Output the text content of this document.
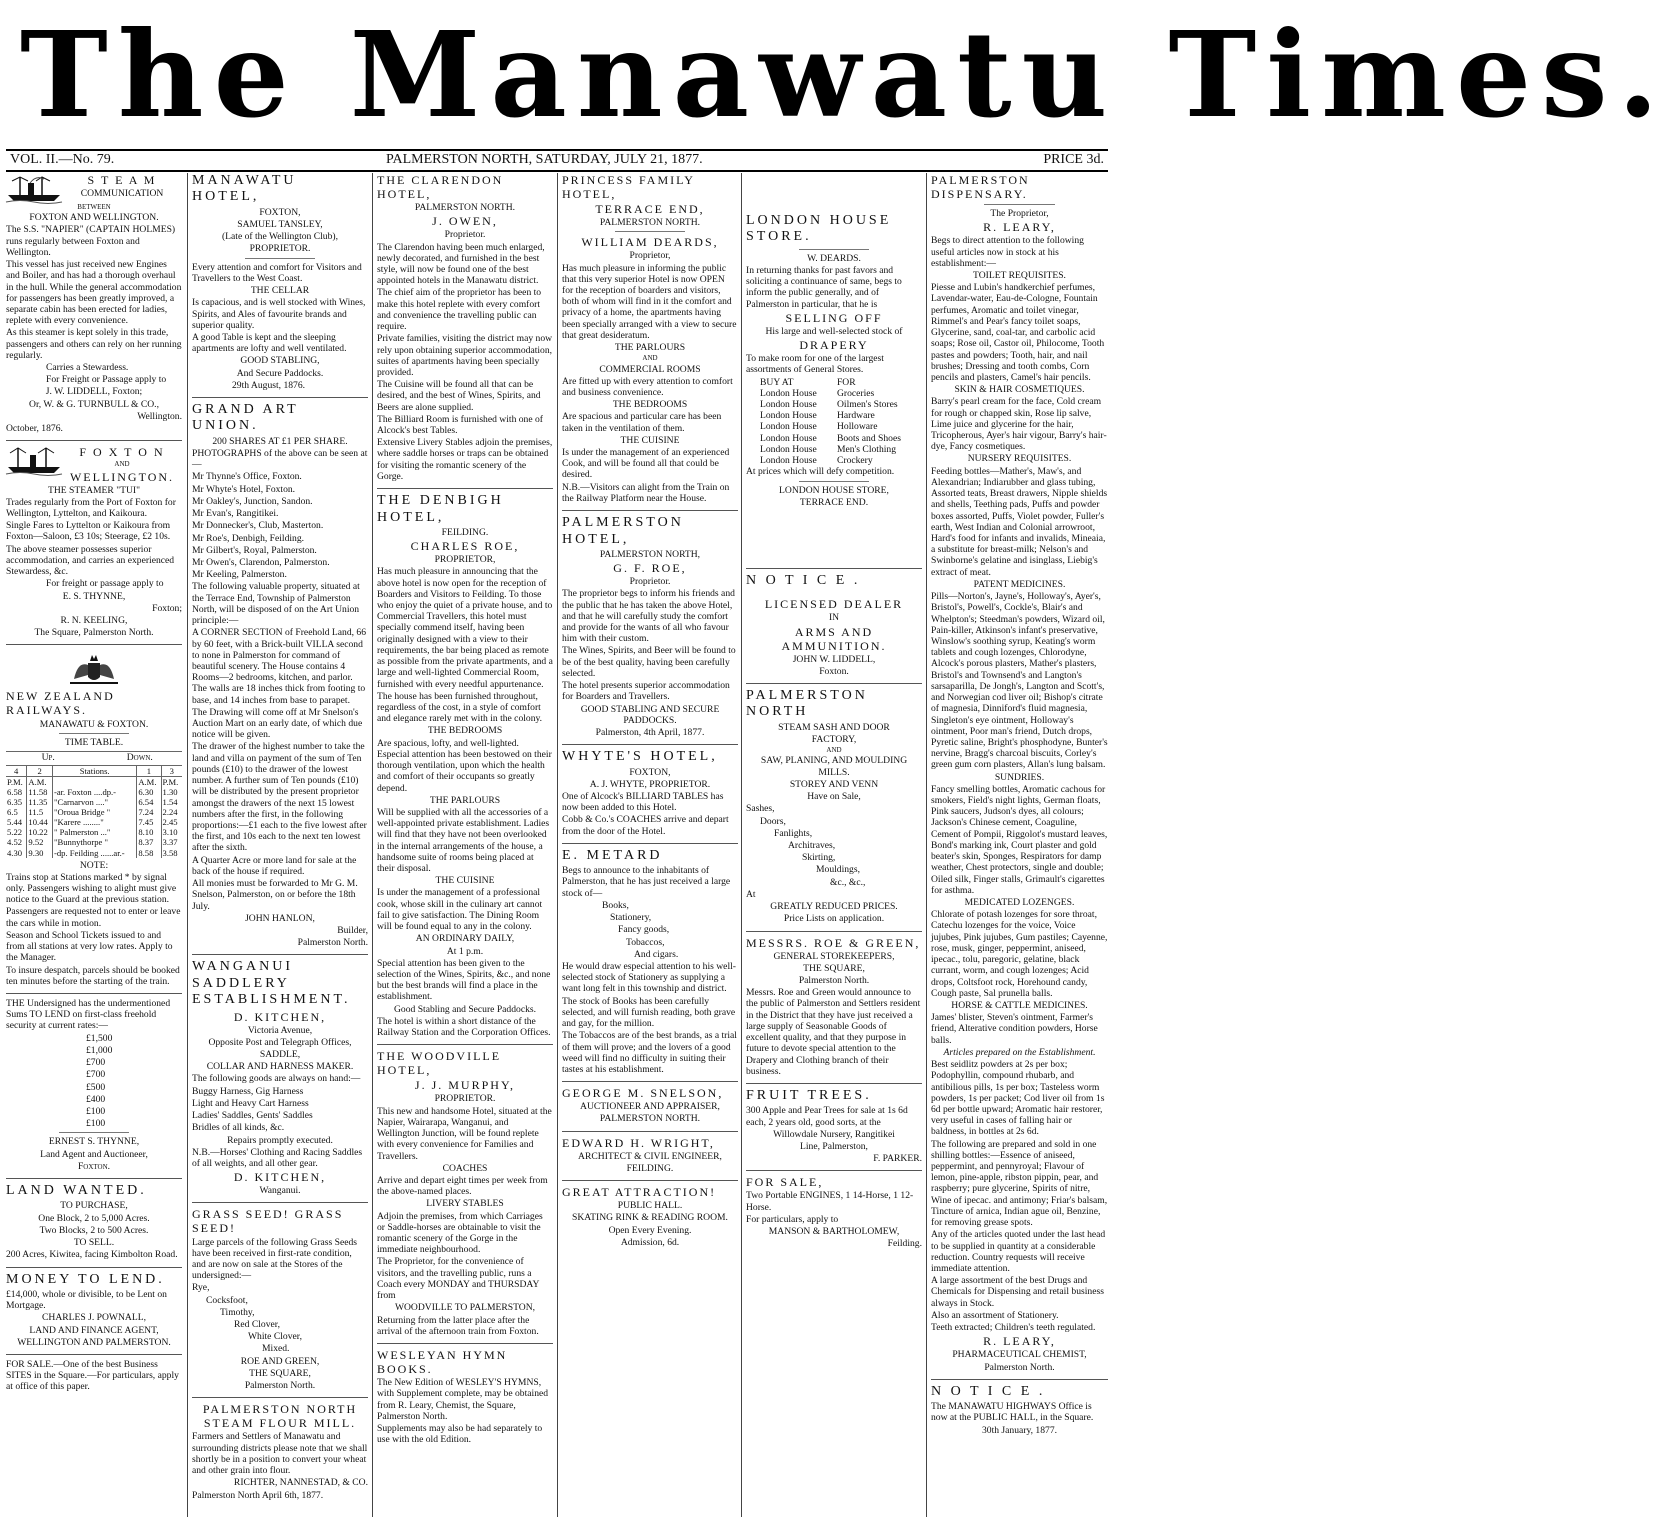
The Manawatu Times.
VOL. II.—No. 79.	PALMERSTON NORTH, SATURDAY, JULY 21, 1877.	PRICE 3d.

S T E A M

COMMUNICATION

BETWEEN

FOXTON AND WELLINGTON.

The S.S. "NAPIER" (CAPTAIN HOLMES) runs regularly between Foxton and Wellington.

This vessel has just received new Engines and Boiler, and has had a thorough overhaul in the hull. While the general accommodation for passengers has been greatly improved, a separate cabin has been erected for ladies, replete with every convenience.

As this steamer is kept solely in this trade, passengers and others can rely on her running regularly.

Carries a Stewardess.

For Freight or Passage apply to

J. W. LIDDELL, Foxton;

Or, W. & G. TURNBULL & CO.,

Wellington.

October, 1876.

F O X T O N

AND

WELLINGTON.

THE STEAMER "TUI"

Trades regularly from the Port of Foxton for Wellington, Lyttelton, and Kaikoura.

Single Fares to Lyttelton or Kaikoura from Foxton—Saloon, £3 10s; Steerage, £2 10s.

The above steamer possesses superior accommodation, and carries an experienced Stewardess, &c.

For freight or passage apply to

E. S. THYNNE,

Foxton;

R. N. KEELING,

The Square, Palmerston North.

NEW ZEALAND RAILWAYS.

MANAWATU & FOXTON.

TIME TABLE.

Up.	Down.
4	2	Stations.	1	3
P.M.	A.M.		A.M.	P.M.
6.58	11.58	-ar. Foxton ....dp.-	6.30	1.30
6.35	11.35	"Carnarvon ...."	6.54	1.54
6.5	11.5	"Oroua Bridge "	7.24	2.24
5.44	10.44	"Karere ........"	7.45	2.45
5.22	10.22	" Palmerston ..."	8.10	3.10
4.52	9.52	"Bunnythorpe "	8.37	3.37
4.30	9.30	-dp. Feilding ......ar.-	8.58	3.58

NOTE:

Trains stop at Stations marked * by signal only. Passengers wishing to alight must give notice to the Guard at the previous station.

Passengers are requested not to enter or leave the cars while in motion.

Season and School Tickets issued to and from all stations at very low rates. Apply to the Manager.

To insure despatch, parcels should be booked ten minutes before the starting of the train.

THE Undersigned has the undermentioned Sums TO LEND on first-class freehold security at current rates:—

£1,500

£1,000

£700

£700

£500

£400

£100

£100

ERNEST S. THYNNE,

Land Agent and Auctioneer,

Foxton.

LAND WANTED.

TO PURCHASE,

One Block, 2 to 5,000 Acres.

Two Blocks, 2 to 500 Acres.

TO SELL.

200 Acres, Kiwitea, facing Kimbolton Road.

MONEY TO LEND.

£14,000, whole or divisible, to be Lent on Mortgage.

CHARLES J. POWNALL,

LAND AND FINANCE AGENT,

WELLINGTON AND PALMERSTON.

FOR SALE.—One of the best Business SITES in the Square.—For particulars, apply at office of this paper.

MANAWATU HOTEL,

FOXTON,

SAMUEL TANSLEY,

(Late of the Wellington Club),

PROPRIETOR.

Every attention and comfort for Visitors and Travellers to the West Coast.

THE CELLAR

Is capacious, and is well stocked with Wines, Spirits, and Ales of favourite brands and superior quality.

A good Table is kept and the sleeping apartments are lofty and well ventilated.

GOOD STABLING,

And Secure Paddocks.

29th August, 1876.

GRAND ART UNION.

200 SHARES AT £1 PER SHARE.

PHOTOGRAPHS of the above can be seen at—

Mr Thynne's Office, Foxton.

Mr Whyte's Hotel, Foxton.

Mr Oakley's, Junction, Sandon.

Mr Evan's, Rangitikei.

Mr Donnecker's, Club, Masterton.

Mr Roe's, Denbigh, Feilding.

Mr Gilbert's, Royal, Palmerston.

Mr Owen's, Clarendon, Palmerston.

Mr Keeling, Palmerston.

The following valuable property, situated at the Terrace End, Township of Palmerston North, will be disposed of on the Art Union principle:—

A CORNER SECTION of Freehold Land, 66 by 60 feet, with a Brick-built VILLA second to none in Palmerston for command of beautiful scenery. The House contains 4 Rooms—2 bedrooms, kitchen, and parlor. The walls are 18 inches thick from footing to base, and 14 inches from base to parapet.

The Drawing will come off at Mr Snelson's Auction Mart on an early date, of which due notice will be given.

The drawer of the highest number to take the land and villa on payment of the sum of Ten pounds (£10) to the drawer of the lowest number. A further sum of Ten pounds (£10) will be distributed by the present proprietor amongst the drawers of the next 15 lowest numbers after the first, in the following proportions:—£1 each to the five lowest after the first, and 10s each to the next ten lowest after the sixth.

A Quarter Acre or more land for sale at the back of the house if required.

All monies must be forwarded to Mr G. M. Snelson, Palmerston, on or before the 18th July.

JOHN HANLON,

Builder,

Palmerston North.

WANGANUI SADDLERY ESTABLISHMENT.

D. KITCHEN,

Victoria Avenue,

Opposite Post and Telegraph Offices,

SADDLE,

COLLAR AND HARNESS MAKER.

The following goods are always on hand:—

Buggy Harness, Gig Harness

Light and Heavy Cart Harness

Ladies' Saddles, Gents' Saddles

Bridles of all kinds, &c.

Repairs promptly executed.

N.B.—Horses' Clothing and Racing Saddles of all weights, and all other gear.

D. KITCHEN,

Wanganui.

GRASS SEED! GRASS SEED!

Large parcels of the following Grass Seeds have been received in first-rate condition, and are now on sale at the Stores of the undersigned:—

Rye,

Cocksfoot,

Timothy,

Red Clover,

White Clover,

Mixed.

ROE AND GREEN,

THE SQUARE,

Palmerston North.

PALMERSTON NORTH STEAM FLOUR MILL.

Farmers and Settlers of Manawatu and surrounding districts please note that we shall shortly be in a position to convert your wheat and other grain into flour.

RICHTER, NANNESTAD, & CO.

Palmerston North April 6th, 1877.

THE CLARENDON HOTEL,

PALMERSTON NORTH.

J. OWEN,

Proprietor.

The Clarendon having been much enlarged, newly decorated, and furnished in the best style, will now be found one of the best appointed hotels in the Manawatu district.

The chief aim of the proprietor has been to make this hotel replete with every comfort and convenience the travelling public can require.

Private families, visiting the district may now rely upon obtaining superior accommodation, suites of apartments having been specially provided.

The Cuisine will be found all that can be desired, and the best of Wines, Spirits, and Beers are alone supplied.

The Billiard Room is furnished with one of Alcock's best Tables.

Extensive Livery Stables adjoin the premises, where saddle horses or traps can be obtained for visiting the romantic scenery of the Gorge.

THE DENBIGH HOTEL,

FEILDING.

CHARLES ROE,

PROPRIETOR,

Has much pleasure in announcing that the above hotel is now open for the reception of Boarders and Visitors to Feilding. To those who enjoy the quiet of a private house, and to Commercial Travellers, this hotel must specially commend itself, having been originally designed with a view to their requirements, the bar being placed as remote as possible from the private apartments, and a large and well-lighted Commercial Room, furnished with every needful appurtenance.

The house has been furnished throughout, regardless of the cost, in a style of comfort and elegance rarely met with in the colony.

THE BEDROOMS

Are spacious, lofty, and well-lighted. Especial attention has been bestowed on their thorough ventilation, upon which the health and comfort of their occupants so greatly depend.

THE PARLOURS

Will be supplied with all the accessories of a well-appointed private establishment. Ladies will find that they have not been overlooked in the internal arrangements of the house, a handsome suite of rooms being placed at their disposal.

THE CUISINE

Is under the management of a professional cook, whose skill in the culinary art cannot fail to give satisfaction. The Dining Room will be found equal to any in the colony.

AN ORDINARY DAILY,

At 1 p.m.

Special attention has been given to the selection of the Wines, Spirits, &c., and none but the best brands will find a place in the establishment.

Good Stabling and Secure Paddocks.

The hotel is within a short distance of the Railway Station and the Corporation Offices.

THE WOODVILLE HOTEL,

J. J. MURPHY,

PROPRIETOR.

This new and handsome Hotel, situated at the Napier, Wairarapa, Wanganui, and Wellington Junction, will be found replete with every convenience for Families and Travellers.

COACHES

Arrive and depart eight times per week from the above-named places.

LIVERY STABLES

Adjoin the premises, from which Carriages or Saddle-horses are obtainable to visit the romantic scenery of the Gorge in the immediate neighbourhood.

The Proprietor, for the convenience of visitors, and the travelling public, runs a Coach every MONDAY and THURSDAY from

WOODVILLE TO PALMERSTON,

Returning from the latter place after the arrival of the afternoon train from Foxton.

WESLEYAN HYMN BOOKS.

The New Edition of WESLEY'S HYMNS, with Supplement complete, may be obtained from R. Leary, Chemist, the Square, Palmerston North.

Supplements may also be had separately to use with the old Edition.

PRINCESS FAMILY HOTEL,

TERRACE END,

PALMERSTON NORTH.

WILLIAM DEARDS,

Proprietor,

Has much pleasure in informing the public that this very superior Hotel is now OPEN for the reception of boarders and visitors, both of whom will find in it the comfort and privacy of a home, the apartments having been specially arranged with a view to secure that great desideratum.

THE PARLOURS

AND

COMMERCIAL ROOMS

Are fitted up with every attention to comfort and business convenience.

THE BEDROOMS

Are spacious and particular care has been taken in the ventilation of them.

THE CUISINE

Is under the management of an experienced Cook, and will be found all that could be desired.

N.B.—Visitors can alight from the Train on the Railway Platform near the House.

PALMERSTON HOTEL,

PALMERSTON NORTH,

G. F. ROE,

Proprietor.

The proprietor begs to inform his friends and the public that he has taken the above Hotel, and that he will carefully study the comfort and provide for the wants of all who favour him with their custom.

The Wines, Spirits, and Beer will be found to be of the best quality, having been carefully selected.

The hotel presents superior accommodation for Boarders and Travellers.

GOOD STABLING AND SECURE PADDOCKS.

Palmerston, 4th April, 1877.

WHYTE'S HOTEL,

FOXTON,

A. J. WHYTE, PROPRIETOR.

One of Alcock's BILLIARD TABLES has now been added to this Hotel.

Cobb & Co.'s COACHES arrive and depart from the door of the Hotel.

E. METARD

Begs to announce to the inhabitants of Palmerston, that he has just received a large stock of—

Books,

Stationery,

Fancy goods,

Tobaccos,

And cigars.

He would draw especial attention to his well-selected stock of Stationery as supplying a want long felt in this township and district.

The stock of Books has been carefully selected, and will furnish reading, both grave and gay, for the million.

The Tobaccos are of the best brands, as a trial of them will prove; and the lovers of a good weed will find no difficulty in suiting their tastes at his establishment.

GEORGE M. SNELSON,

AUCTIONEER AND APPRAISER,

PALMERSTON NORTH.

EDWARD H. WRIGHT,

ARCHITECT & CIVIL ENGINEER,

FEILDING.

GREAT ATTRACTION!

PUBLIC HALL.

SKATING RINK & READING ROOM.

Open Every Evening.

Admission, 6d.

LONDON HOUSE STORE.

W. DEARDS.

In returning thanks for past favors and soliciting a continuance of same, begs to inform the public generally, and of Palmerston in particular, that he is

SELLING OFF

His large and well-selected stock of

DRAPERY

To make room for one of the largest assortments of General Stores.

BUY AT	FOR
London House	Groceries
London House	Oilmen's Stores
London House	Hardware
London House	Holloware
London House	Boots and Shoes
London House	Men's Clothing
London House	Crockery

At prices which will defy competition.

LONDON HOUSE STORE,

TERRACE END.

N O T I C E .

LICENSED DEALER

IN

ARMS AND AMMUNITION.

JOHN W. LIDDELL,

Foxton.

PALMERSTON NORTH

STEAM SASH AND DOOR

FACTORY,

AND

SAW, PLANING, AND MOULDING MILLS.

STOREY AND VENN

Have on Sale,

Sashes,

Doors,

Fanlights,

Architraves,

Skirting,

Mouldings,

&c., &c.,

At

GREATLY REDUCED PRICES.

Price Lists on application.

MESSRS. ROE & GREEN,

GENERAL STOREKEEPERS,

THE SQUARE,

Palmerston North.

Messrs. Roe and Green would announce to the public of Palmerston and Settlers resident in the District that they have just received a large supply of Seasonable Goods of excellent quality, and that they purpose in future to devote special attention to the Drapery and Clothing branch of their business.

FRUIT TREES.

300 Apple and Pear Trees for sale at 1s 6d each, 2 years old, good sorts, at the

Willowdale Nursery, Rangitikei

Line, Palmerston,

F. PARKER.

FOR SALE,

Two Portable ENGINES, 1 14-Horse, 1 12-Horse.

For particulars, apply to

MANSON & BARTHOLOMEW,

Feilding.

PALMERSTON DISPENSARY.

The Proprietor,

R. LEARY,

Begs to direct attention to the following useful articles now in stock at his establishment:—

TOILET REQUISITES.

Piesse and Lubin's handkerchief perfumes, Lavendar-water, Eau-de-Cologne, Fountain perfumes, Aromatic and toilet vinegar, Rimmel's and Pear's fancy toilet soaps, Glycerine, sand, coal-tar, and carbolic acid soaps; Rose oil, Castor oil, Philocome, Tooth pastes and powders; Tooth, hair, and nail brushes; Dressing and tooth combs, Corn pencils and plasters, Camel's hair pencils.

SKIN & HAIR COSMETIQUES.

Barry's pearl cream for the face, Cold cream for rough or chapped skin, Rose lip salve, Lime juice and glycerine for the hair, Tricopherous, Ayer's hair vigour, Barry's hair-dye, Fancy cosmetiques.

NURSERY REQUISITES.

Feeding bottles—Mather's, Maw's, and Alexandrian; Indiarubber and glass tubing, Assorted teats, Breast drawers, Nipple shields and shells, Teething pads, Puffs and powder boxes assorted, Puffs, Violet powder, Fuller's earth, West Indian and Colonial arrowroot, Hard's food for infants and invalids, Mineaia, a substitute for breast-milk; Nelson's and Swinborne's gelatine and isinglass, Liebig's extract of meat.

PATENT MEDICINES.

Pills—Norton's, Jayne's, Holloway's, Ayer's, Bristol's, Powell's, Cockle's, Blair's and Whelpton's; Steedman's powders, Wizard oil, Pain-killer, Atkinson's infant's preservative, Winslow's soothing syrup, Keating's worm tablets and cough lozenges, Chlorodyne, Alcock's porous plasters, Mather's plasters, Bristol's and Townsend's and Langton's sarsaparilla, De Jongh's, Langton and Scott's, and Norwegian cod liver oil; Bishop's citrate of magnesia, Dinniford's fluid magnesia, Singleton's eye ointment, Holloway's ointment, Poor man's friend, Dutch drops, Pyretic saline, Bright's phosphodyne, Bunter's nervine, Bragg's charcoal biscuits, Corley's green gum corn plasters, Allan's lung balsam.

SUNDRIES.

Fancy smelling bottles, Aromatic cachous for smokers, Field's night lights, German floats, Pink saucers, Judson's dyes, all colours; Jackson's Chinese cement, Coaguline, Cement of Pompii, Riggolot's mustard leaves, Bond's marking ink, Court plaster and gold beater's skin, Sponges, Respirators for damp weather, Chest protectors, single and double; Oiled silk, Finger stalls, Grimault's cigarettes for asthma.

MEDICATED LOZENGES.

Chlorate of potash lozenges for sore throat, Catechu lozenges for the voice, Voice jujubes, Pink jujubes, Gum pastiles; Cayenne, rose, musk, ginger, peppermint, aniseed, ipecac., tolu, paregoric, gelatine, black currant, worm, and cough lozenges; Acid drops, Coltsfoot rock, Horehound candy, Cough paste, Sal prunella balls.

HORSE & CATTLE MEDICINES.

James' blister, Steven's ointment, Farmer's friend, Alterative condition powders, Horse balls.

Articles prepared on the Establishment.

Best seidlitz powders at 2s per box; Podophyllin, compound rhubarb, and antibilious pills, 1s per box; Tasteless worm powders, 1s per packet; Cod liver oil from 1s 6d per bottle upward; Aromatic hair restorer, very useful in cases of falling hair or baldness, in bottles at 2s 6d.

The following are prepared and sold in one shilling bottles:—Essence of aniseed, peppermint, and pennyroyal; Flavour of lemon, pine-apple, ribston pippin, pear, and raspberry; pure glycerine, Spirits of nitre, Wine of ipecac. and antimony; Friar's balsam, Tincture of arnica, Indian ague oil, Benzine, for removing grease spots.

Any of the articles quoted under the last head to be supplied in quantity at a considerable reduction. Country requests will receive immediate attention.

A large assortment of the best Drugs and Chemicals for Dispensing and retail business always in Stock.

Also an assortment of Stationery.

Teeth extracted; Children's teeth regulated.

R. LEARY,

PHARMACEUTICAL CHEMIST,

Palmerston North.

N O T I C E .

The MANAWATU HIGHWAYS Office is now at the PUBLIC HALL, in the Square.

30th January, 1877.
